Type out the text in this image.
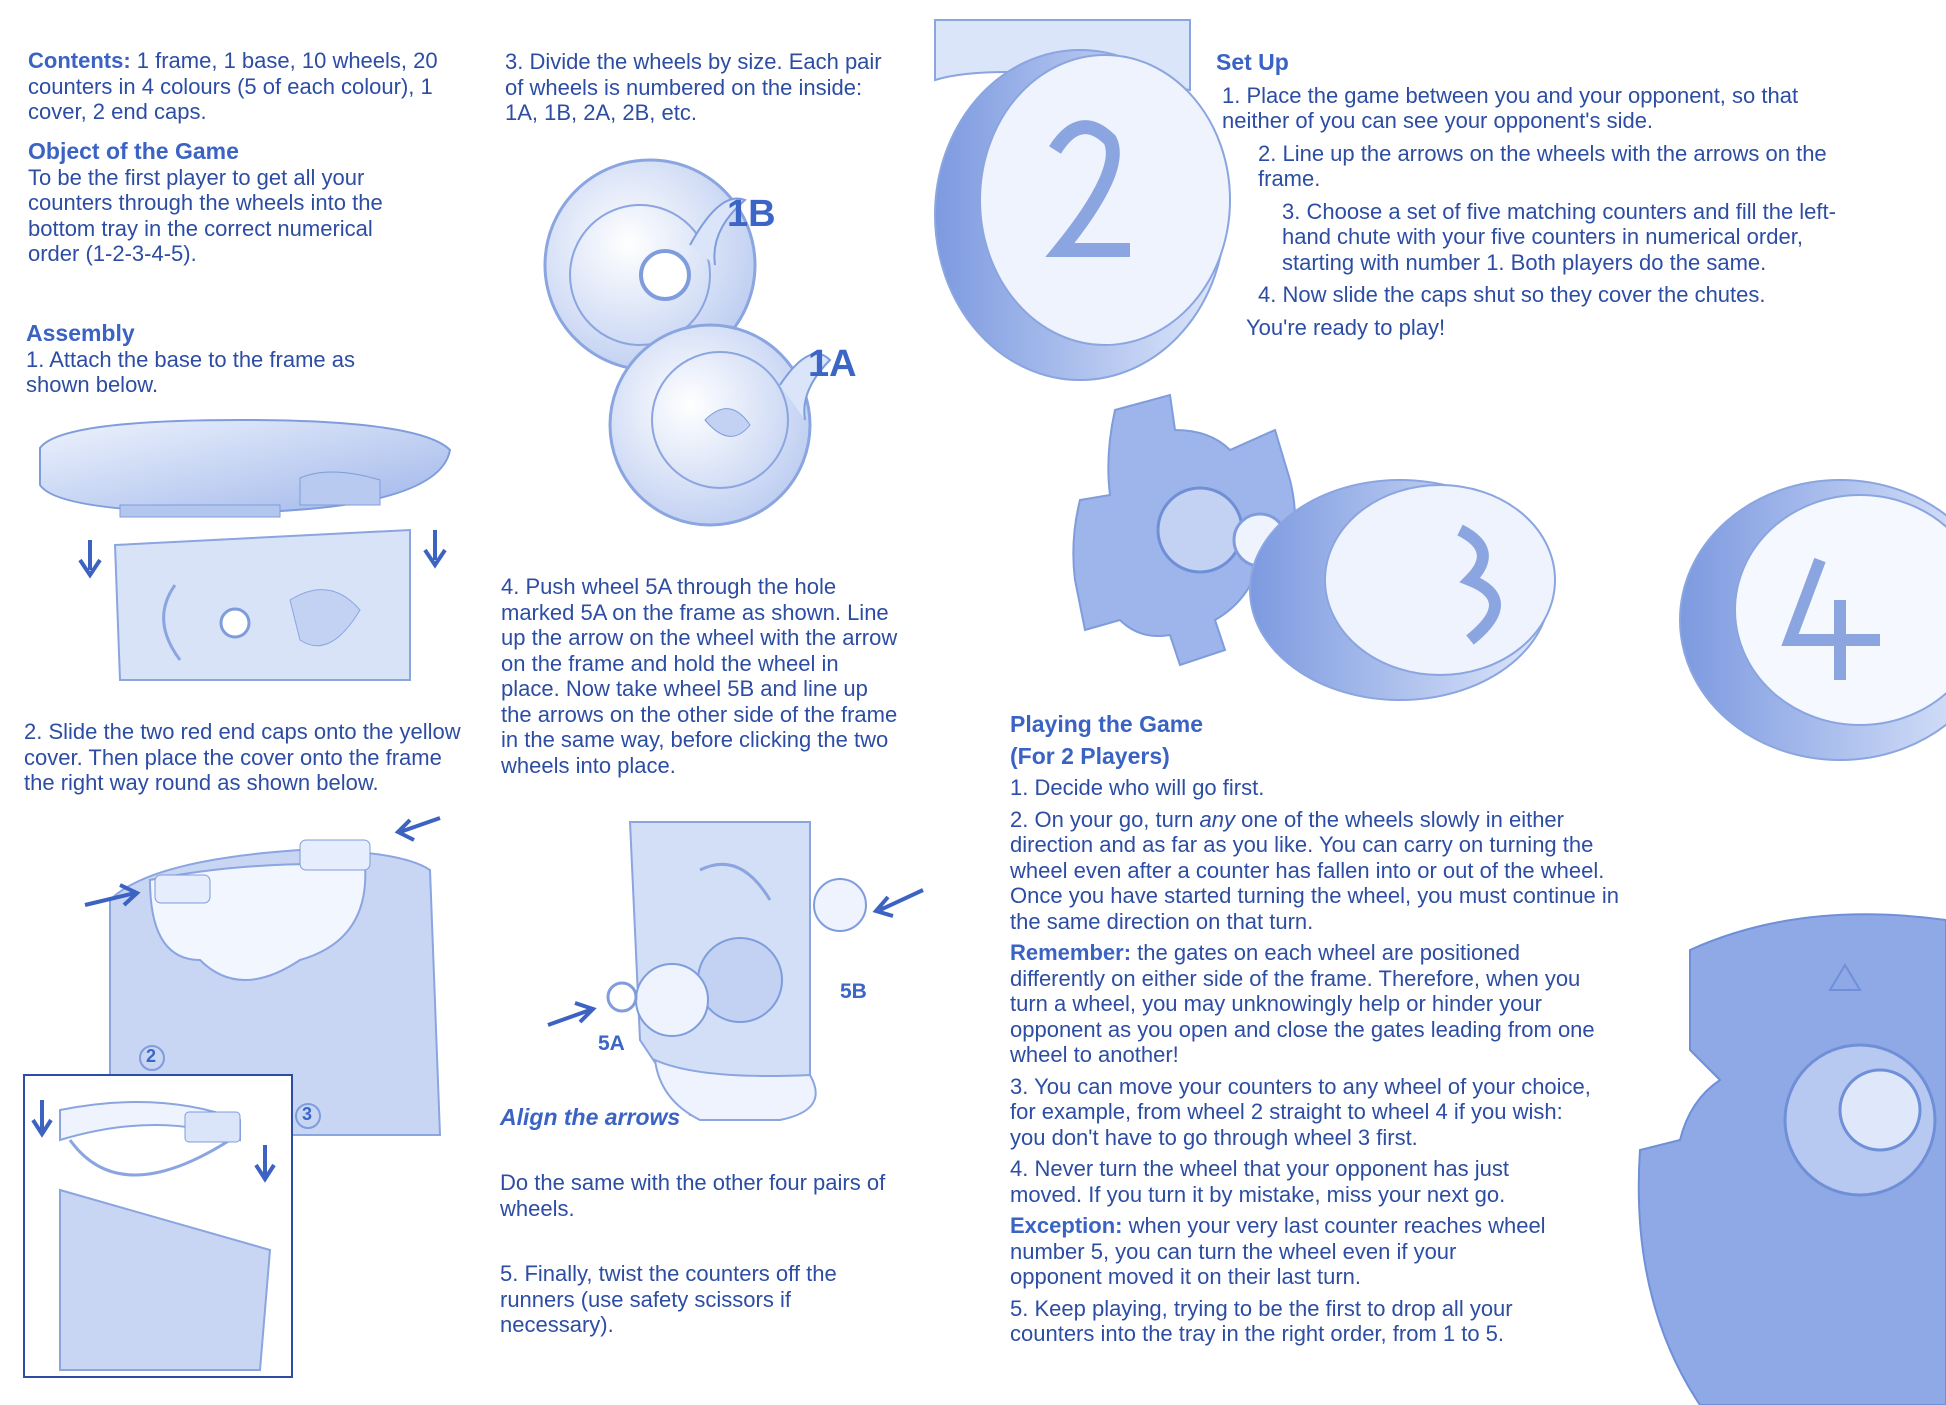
Contents: 1 frame, 1 base, 10 wheels, 20 counters in 4 colours (5 of each colour), 1 cover, 2 end caps.

Object of the Game

To be the first player to get all your counters through the wheels into the bottom tray in the correct numerical order (1-2-3-4-5).

Assembly

1. Attach the base to the frame as shown below.

2. Slide the two red end caps onto the yellow cover. Then place the cover onto the frame the right way round as shown below.
2
3
3. Divide the wheels by size. Each pair of wheels is numbered on the inside: 1A, 1B, 2A, 2B, etc.
1B
1A
4. Push wheel 5A through the hole marked 5A on the frame as shown. Line up the arrow on the wheel with the arrow on the frame and hold the wheel in place. Now take wheel 5B and line up the arrows on the other side of the frame in the same way, before clicking the two wheels into place.
5A
5B
Align the arrows
Do the same with the other four pairs of wheels.
5. Finally, twist the counters off the runners (use safety scissors if necessary).

Set Up

1. Place the game between you and your opponent, so that neither of you can see your opponent's side.

2. Line up the arrows on the wheels with the arrows on the frame.

3. Choose a set of five matching counters and fill the left-hand chute with your five counters in numerical order, starting with number 1. Both players do the same.

4. Now slide the caps shut so they cover the chutes.

You're ready to play!

Playing the Game

(For 2 Players)

1. Decide who will go first.

2. On your go, turn any one of the wheels slowly in either direction and as far as you like. You can carry on turning the wheel even after a counter has fallen into or out of the wheel. Once you have started turning the wheel, you must continue in the same direction on that turn.

Remember: the gates on each wheel are positioned differently on either side of the frame. Therefore, when you turn a wheel, you may unknowingly help or hinder your opponent as you open and close the gates leading from one wheel to another!

3. You can move your counters to any wheel of your choice, for example, from wheel 2 straight to wheel 4 if you wish: you don't have to go through wheel 3 first.

4. Never turn the wheel that your opponent has just moved. If you turn it by mistake, miss your next go.

Exception: when your very last counter reaches wheel number 5, you can turn the wheel even if your opponent moved it on their last turn.

5. Keep playing, trying to be the first to drop all your counters into the tray in the right order, from 1 to 5.
